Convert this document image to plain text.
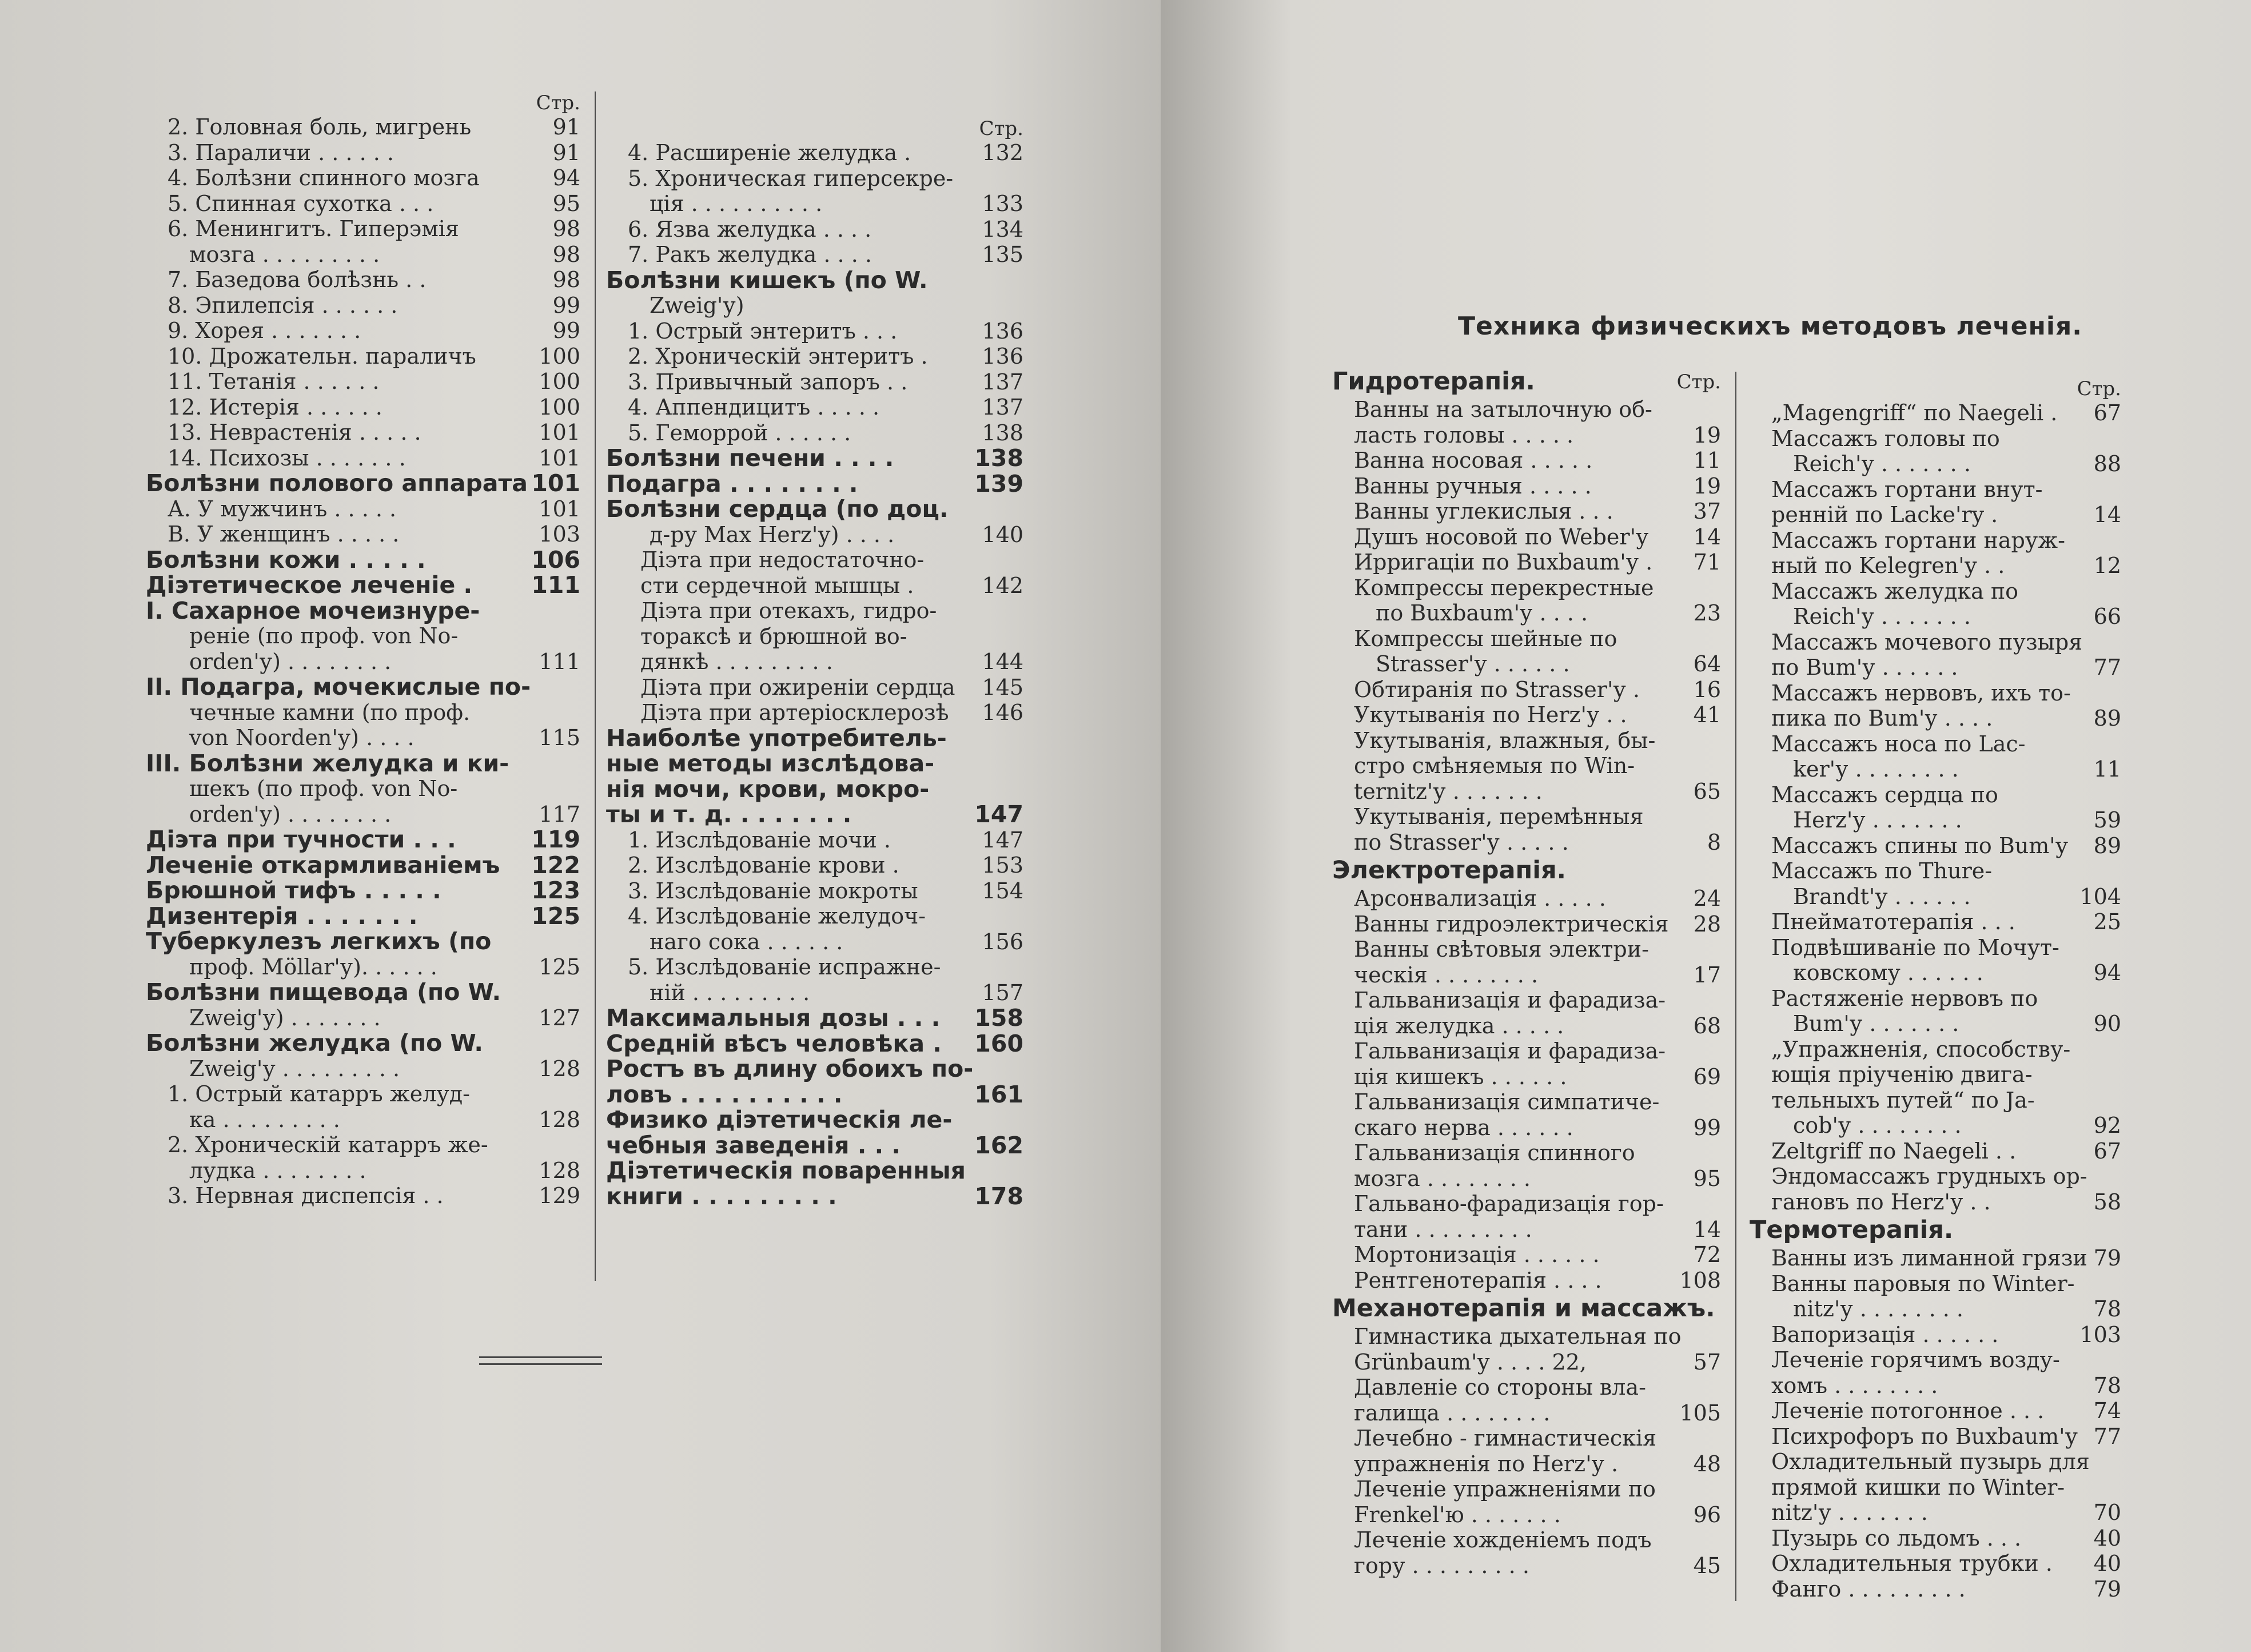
Стр.
2. Головная боль, мигрень	91
3. Параличи . . . . . .	91
4. Болѣзни спинного мозга	94
5. Спинная сухотка . . .	95
6. Менингитъ. Гиперэмія	98
мозга . . . . . . . . .	98
7. Базедова болѣзнь . .	98
8. Эпилепсія . . . . . .	99
9. Хорея . . . . . . .	99
10. Дрожательн. параличъ	100
11. Тетанія . . . . . .	100
12. Истерія . . . . . .	100
13. Неврастенія . . . . .	101
14. Психозы . . . . . . .	101
Болѣзни полового аппарата 101
А. У мужчинъ . . . . .	101
В. У женщинъ . . . . .	103
Болѣзни кожи . . . . .	106
Діэтетическое леченіе .	111
I. Сахарное мочеизнуре-
реніе (по проф. von No-
orden'у) . . . . . . . .	111
II. Подагра, мочекислые по-
чечные камни (по проф.
von Noorden'у) . . . .	115
III. Болѣзни желудка и ки-
шекъ (по проф. von No-
orden'у) . . . . . . . .	117
Діэта при тучности . . .	119
Леченіе откармливаніемъ 122
Брюшной тифъ . . . . .	123
Дизентерія . . . . . . .	125
Туберкулезъ легкихъ (по
проф. Möllar'у). . . . . .	125
Болѣзни пищевода (по W.
Zweig'у) . . . . . . .	127
Болѣзни желудка (по W.
Zweig'у . . . . . . . . .	128
1. Острый катарръ желуд-
ка . . . . . . . . .	128
2. Хроническій катарръ же-
лудка . . . . . . . .	128
3. Нервная диспепсія . .	129
Стр.
4. Расширеніе желудка .	132
5. Хроническая гиперсекре-
ція . . . . . . . . . .	133
6. Язва желудка . . . .	134
7. Ракъ желудка . . . .	135
Болѣзни кишекъ (по W.
Zweig'у)
1. Острый энтеритъ . . .	136
2. Хроническій энтеритъ . 136
3. Привычный запоръ . .	137
4. Аппендицитъ . . . . .	137
5. Геморрой . . . . . .	138
Болѣзни печени . . . .	138
Подагра . . . . . . . .	139
Болѣзни сердца (по доц.
д-ру Max Herz'у) . . . .	140
Діэта при недостаточно-
сти сердечной мышцы .	142
Діэта при отекахъ, гидро-
тораксѣ и брюшной во-
дянкѣ . . . . . . . . .	144
Діэта при ожиреніи сердца 145
Діэта при артеріосклерозѣ 146
Наиболѣе употребитель-
ные методы изслѣдова-
нія мочи, крови, мокро-
ты и т. д. . . . . . . .	147
1. Изслѣдованіе мочи .	147
2. Изслѣдованіе крови .	153
3. Изслѣдованіе мокроты	154
4. Изслѣдованіе желудоч-
наго сока . . . . . .	156
5. Изслѣдованіе испражне-
ній . . . . . . . . .	157
Максимальныя дозы . . . 158
Средній вѣсъ человѣка . 160
Ростъ въ длину обоихъ по-
ловъ . . . . . . . . . .	161
Физико діэтетическія ле-
чебныя заведенія . . .	162
Діэтетическія поваренныя
книги . . . . . . . . .	178
Техника физическихъ методовъ леченія.
Стр.
Гидротерапія.
Ванны на затылочную об-
ласть головы . . . . .	19
Ванна носовая . . . . .	11
Ванны ручныя . . . . .	19
Ванны углекислыя . . .	37
Душъ носовой по Weber'у 14
Ирригаціи по Buxbaum'у . 71
Компрессы перекрестные
по Buxbaum'у . . . .	23
Компрессы шейные по
Strasser'у . . . . . .	64
Обтиранія по Strasser'у . 16
Укутыванія по Herz'у . .	41
Укутыванія, влажныя, бы-
стро смѣняемыя по Win-
ternitz'у . . . . . . .	65
Укутыванія, перемѣнныя
по Strasser'у . . . . .	8
Электротерапія.
Арсонвализація . . . . .	24
Ванны гидроэлектрическія 28
Ванны свѣтовыя электри-
ческія . . . . . . . .	17
Гальванизація и фарадиза-
ція желудка . . . . .	68
Гальванизація и фарадиза-
ція кишекъ . . . . . .	69
Гальванизація симпатиче-
скаго нерва . . . . . .	99
Гальванизація спинного
мозга . . . . . . . .	95
Гальвано-фарадизація гор-
тани . . . . . . . . .	14
Мортонизація . . . . . .	72
Рентгенотерапія . . . .	108
Механотерапія и массажъ.
Гимнастика дыхательная по
Grünbaum'у . . . . 22,	57
Давленіе со стороны вла-
галища . . . . . . . .	105
Лечебно - гимнастическія
упражненія по Herz'у .	48
Леченіе упражненіями по
Frenkel'ю . . . . . . .	96
Леченіе хожденіемъ подъ
гору . . . . . . . . .	45
Стр.
„Magengriff“ по Naegeli . 67
Массажъ головы по
Reich'у . . . . . . .	88
Массажъ гортани внут-
ренній по Lacke'ry .	14
Массажъ гортани наруж-
ный по Kelegren'у . .	12
Массажъ желудка по
Reich'у . . . . . . .	66
Массажъ мочевого пузыря
по Bum'у . . . . . .	77
Массажъ нервовъ, ихъ то-
пика по Bum'у . . . .	89
Массажъ носа по Lac-
ker'у . . . . . . . .	11
Массажъ сердца по
Herz'у . . . . . . .	59
Массажъ спины по Bum'у 89
Массажъ по Thure-
Brandt'у . . . . . .	104
Пнейматотерапія . . .	25
Подвѣшиваніе по Мочут-
ковскому . . . . . .	94
Растяженіе нервовъ по
Bum'у . . . . . . .	90
„Упражненія, способству-
ющія пріученію двига-
тельныхъ путей“ по Ja-
cob'у . . . . . . . .	92
Zeltgriff по Naegeli . .	67
Эндомассажъ грудныхъ ор-
гановъ по Herz'у . .	58
Термотерапія.
Ванны изъ лиманной грязи 79
Ванны паровыя по Winter-
nitz'у . . . . . . . .	78
Вапоризація . . . . . .	103
Леченіе горячимъ возду-
хомъ . . . . . . . .	78
Леченіе потогонное . . . 74
Психрофоръ по Buxbaum'у 77
Охладительный пузырь для
прямой кишки по Winter-
nitz'у . . . . . . .	70
Пузырь со льдомъ . . .	40
Охладительныя трубки . 40
Фанго . . . . . . . . .	79
